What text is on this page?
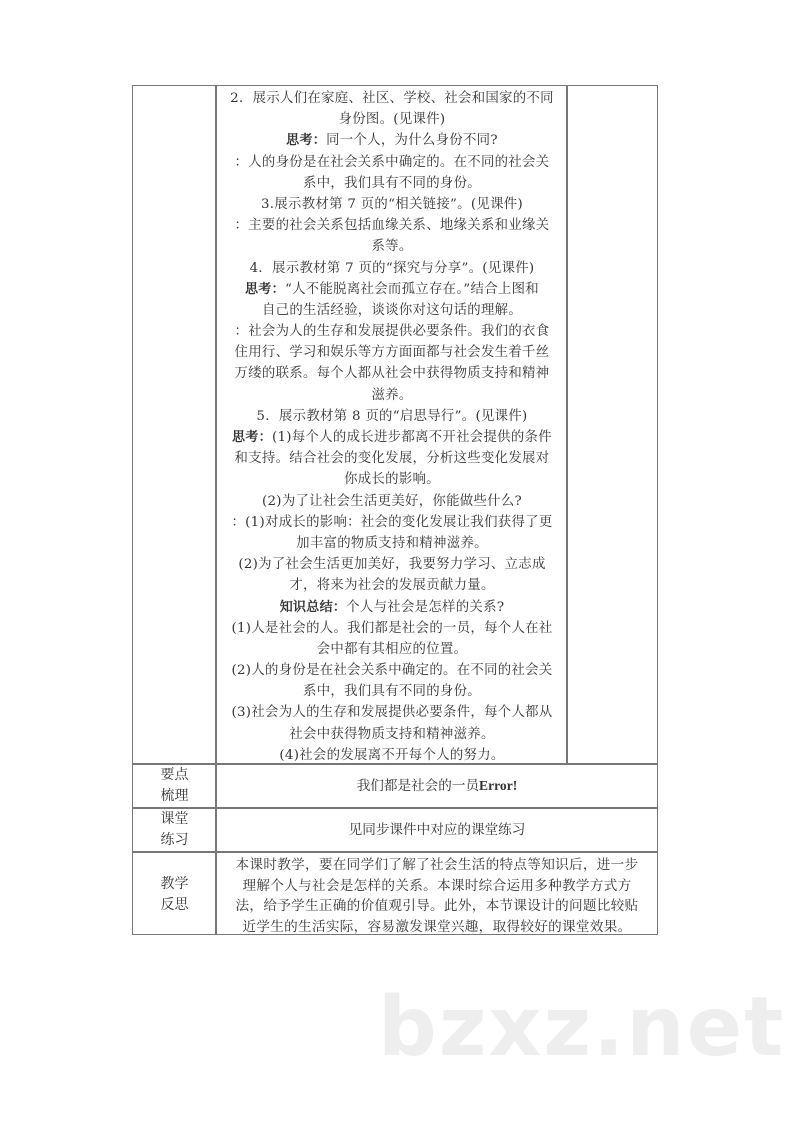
2．展示人们在家庭、社区、学校、社会和国家的不同
身份图。(见课件)
思考：同一个人，为什么身份不同?
：人的身份是在社会关系中确定的。在不同的社会关
系中，我们具有不同的身份。
3.展示教材第 7 页的“相关链接”。(见课件)
：主要的社会关系包括血缘关系、地缘关系和业缘关
系等。
4．展示教材第 7 页的“探究与分享”。(见课件)
思考：“人不能脱离社会而孤立存在。”结合上图和
自己的生活经验，谈谈你对这句话的理解。
：社会为人的生存和发展提供必要条件。我们的衣食
住用行、学习和娱乐等方方面面都与社会发生着千丝
万缕的联系。每个人都从社会中获得物质支持和精神
滋养。
5．展示教材第 8 页的“启思导行”。(见课件)
思考：(1)每个人的成长进步都离不开社会提供的条件
和支持。结合社会的变化发展，分析这些变化发展对
你成长的影响。
(2)为了让社会生活更美好，你能做些什么?
：(1)对成长的影响：社会的变化发展让我们获得了更
加丰富的物质支持和精神滋养。
(2)为了社会生活更加美好，我要努力学习、立志成
才，将来为社会的发展贡献力量。
知识总结：个人与社会是怎样的关系?
(1)人是社会的人。我们都是社会的一员，每个人在社
会中都有其相应的位置。
(2)人的身份是在社会关系中确定的。在不同的社会关
系中，我们具有不同的身份。
(3)社会为人的生存和发展提供必要条件，每个人都从
社会中获得物质支持和精神滋养。
(4)社会的发展离不开每个人的努力。
要点
梳理
我们都是社会的一员Error!
课堂
练习
见同步课件中对应的课堂练习
教学
反思
本课时教学，要在同学们了解了社会生活的特点等知识后，进一步
理解个人与社会是怎样的关系。本课时综合运用多种教学方式方
法，给予学生正确的价值观引导。此外，本节课设计的问题比较贴
近学生的生活实际，容易激发课堂兴趣，取得较好的课堂效果。
bzxz.net
